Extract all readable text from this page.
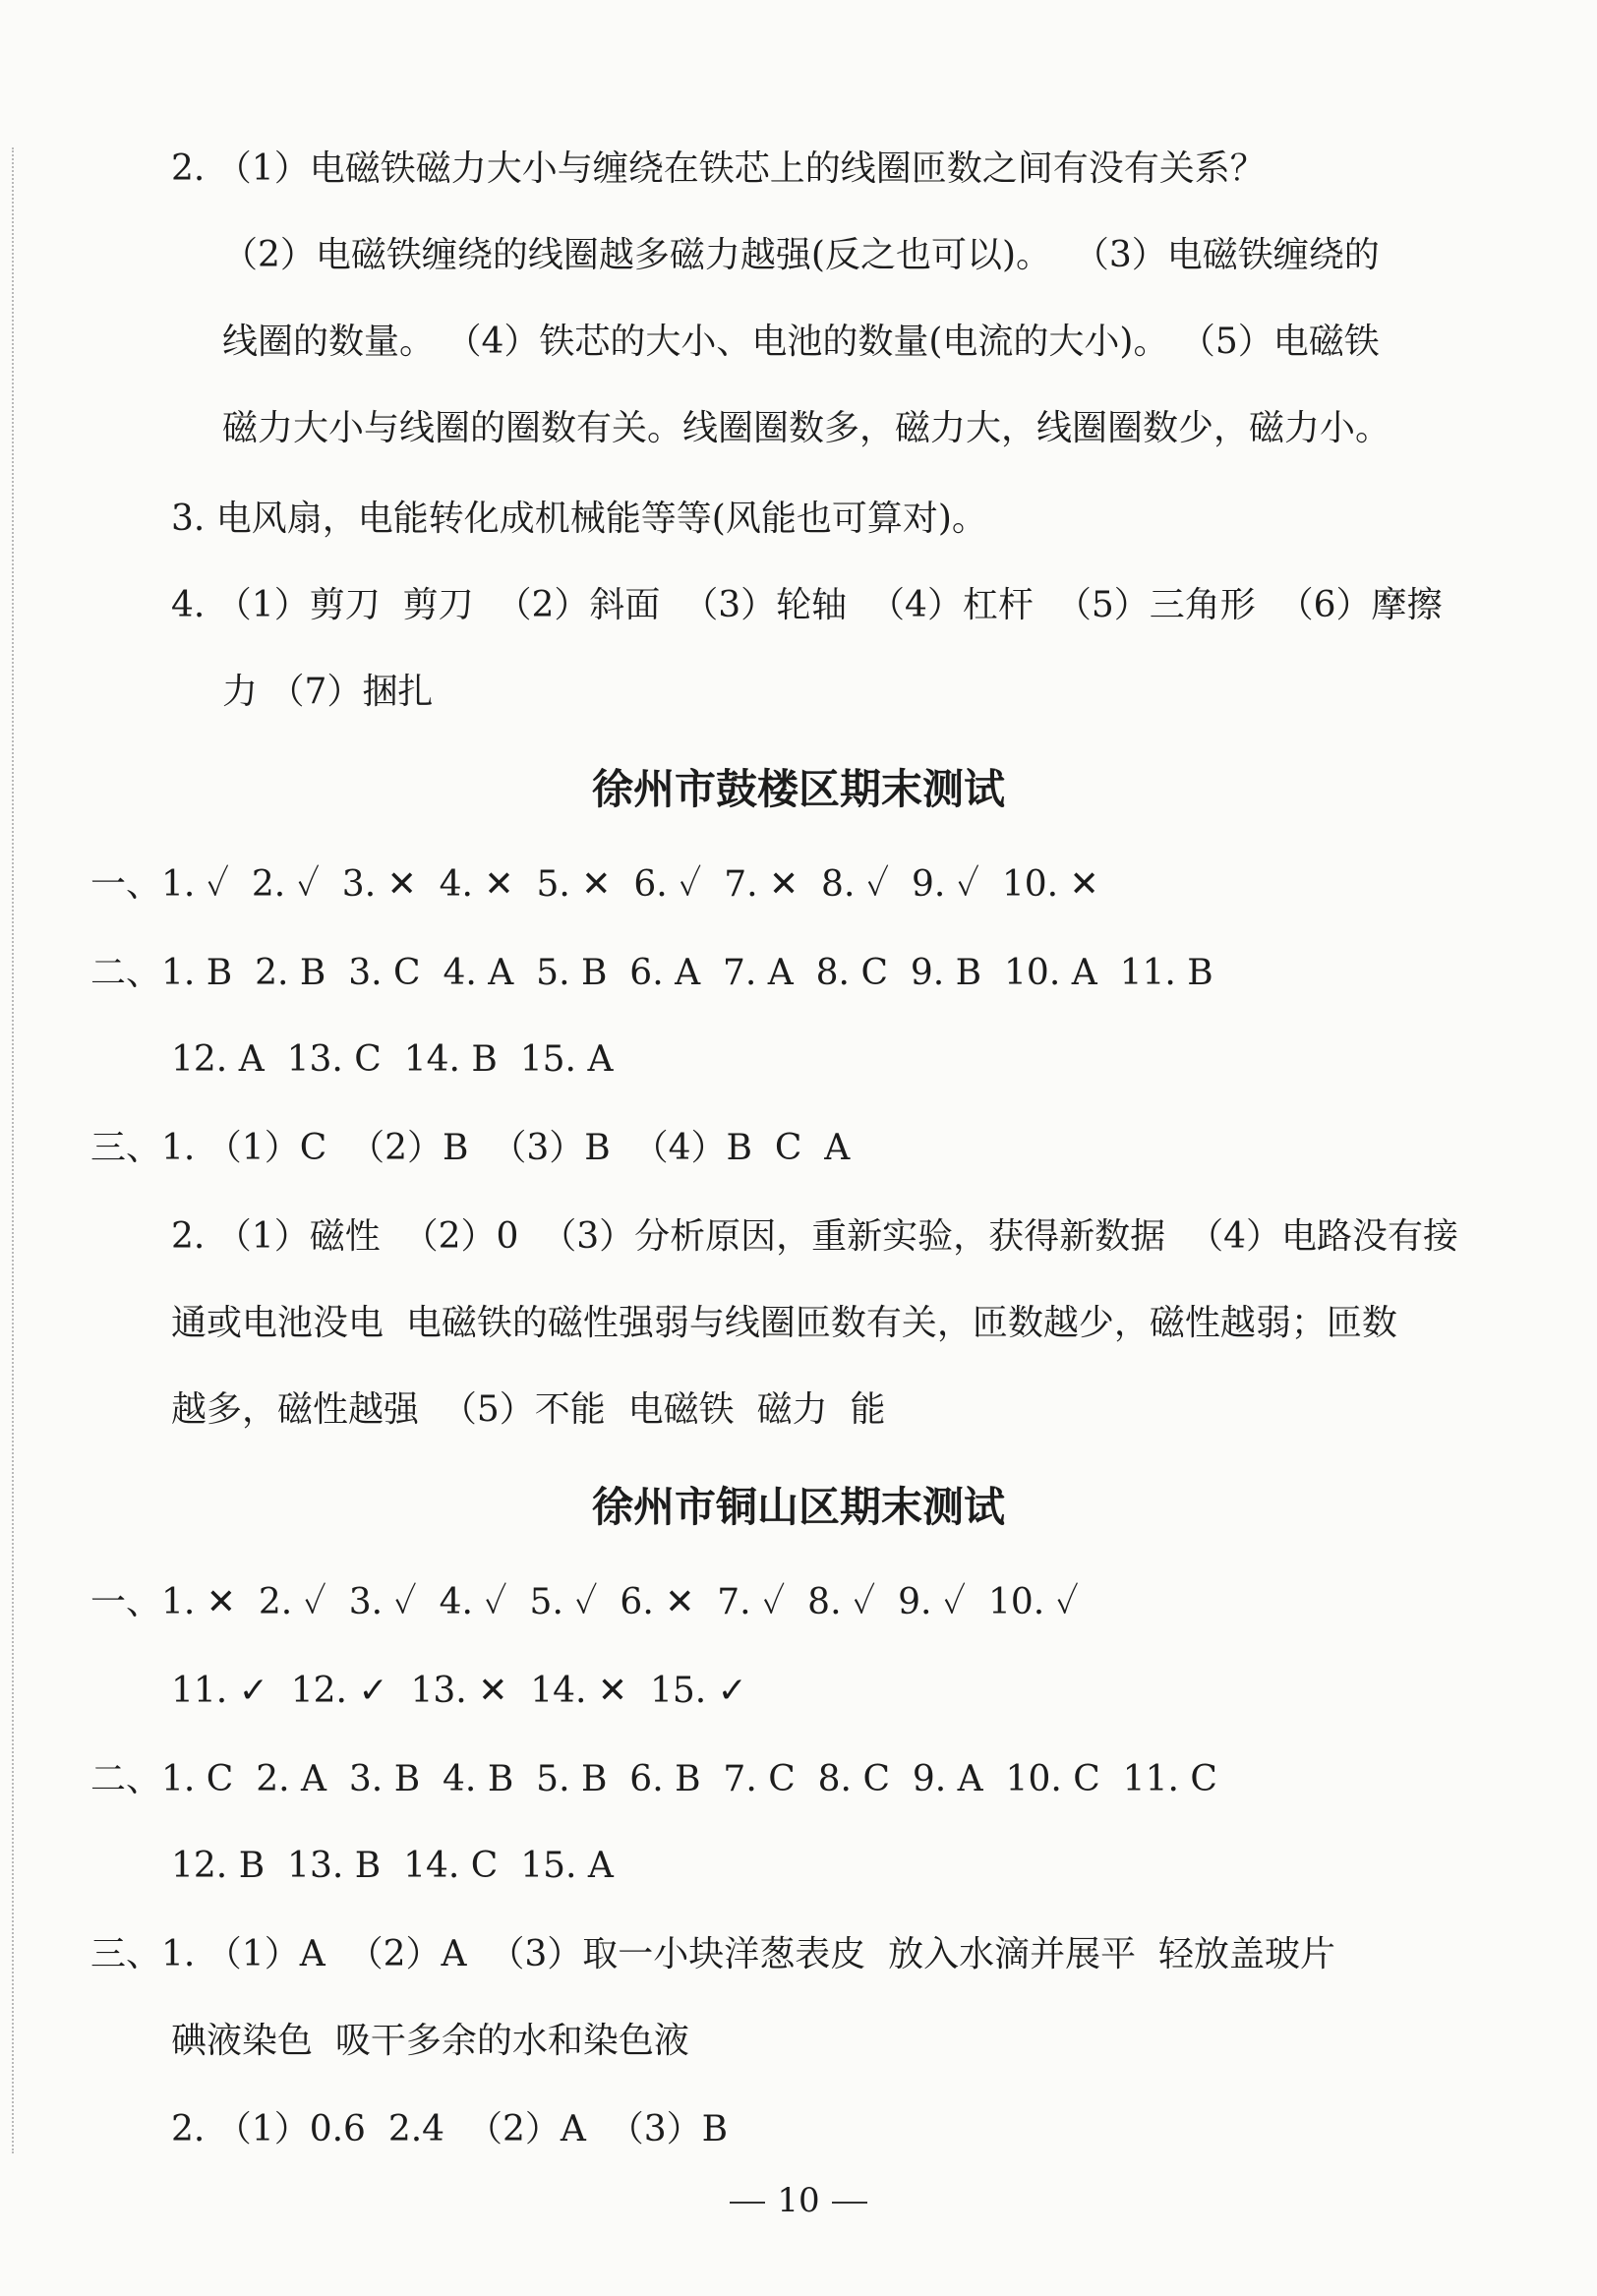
2. （1）电磁铁磁力大小与缠绕在铁芯上的线圈匝数之间有没有关系？
（2）电磁铁缠绕的线圈越多磁力越强(反之也可以)。  （3）电磁铁缠绕的
线圈的数量。 （4）铁芯的大小、电池的数量(电流的大小)。 （5）电磁铁
磁力大小与线圈的圈数有关。线圈圈数多，磁力大，线圈圈数少，磁力小。
3. 电风扇，电能转化成机械能等等(风能也可算对)。
4. （1）剪刀  剪刀  （2）斜面  （3）轮轴  （4）杠杆  （5）三角形  （6）摩擦
力 （7）捆扎
徐州市鼓楼区期末测试
一、1. ✓  2. ✓  3. ✕  4. ✕  5. ✕  6. ✓  7. ✕  8. ✓  9. ✓  10. ✕
二、1. B  2. B  3. C  4. A  5. B  6. A  7. A  8. C  9. B  10. A  11. B
12. A  13. C  14. B  15. A
三、1. （1）C  （2）B  （3）B  （4）B  C  A
2. （1）磁性  （2）0  （3）分析原因，重新实验，获得新数据  （4）电路没有接
通或电池没电  电磁铁的磁性强弱与线圈匝数有关，匝数越少，磁性越弱；匝数
越多，磁性越强  （5）不能  电磁铁  磁力  能
徐州市铜山区期末测试
一、1. ✕  2. ✓  3. ✓  4. ✓  5. ✓  6. ✕  7. ✓  8. ✓  9. ✓  10. ✓
11. ✓  12. ✓  13. ✕  14. ✕  15. ✓
二、1. C  2. A  3. B  4. B  5. B  6. B  7. C  8. C  9. A  10. C  11. C
12. B  13. B  14. C  15. A
三、1. （1）A  （2）A  （3）取一小块洋葱表皮  放入水滴并展平  轻放盖玻片
碘液染色  吸干多余的水和染色液
2. （1）0.6  2.4  （2）A  （3）B
10
